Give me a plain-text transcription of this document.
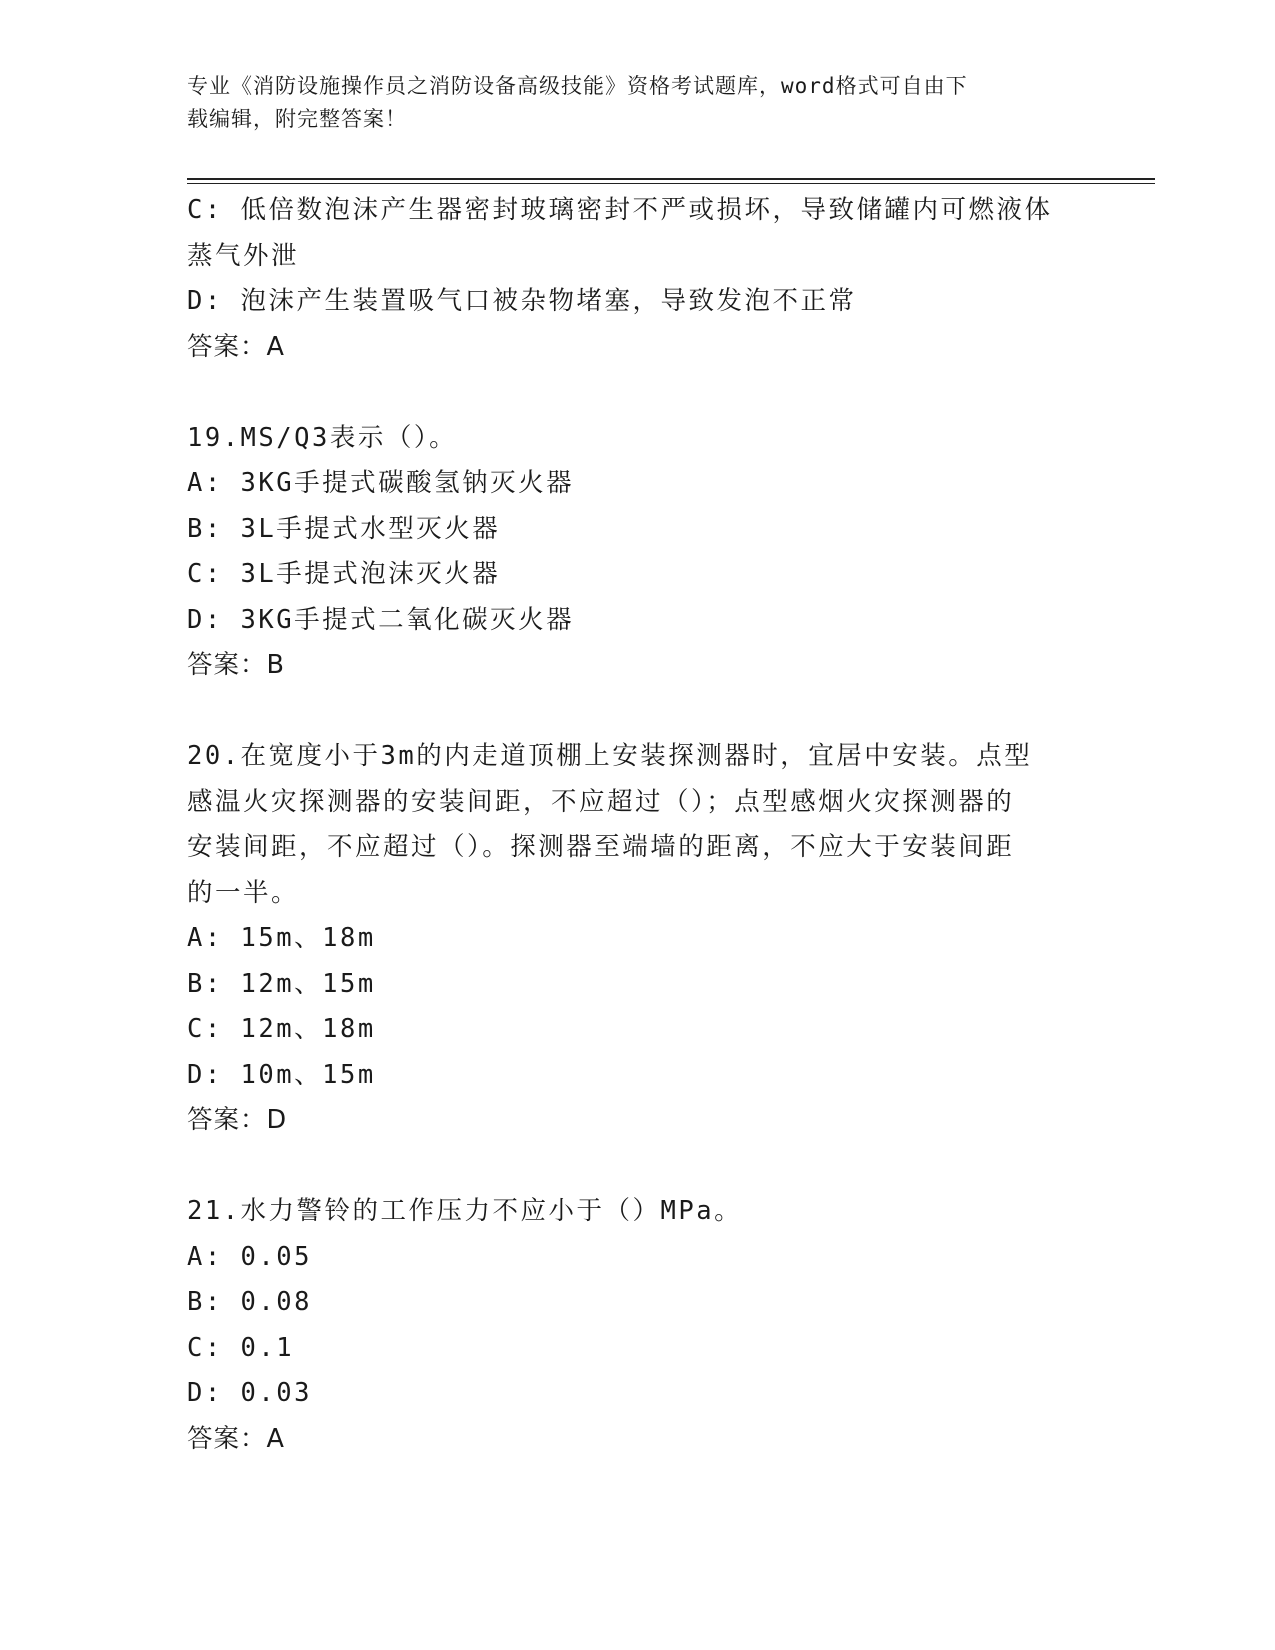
专业《消防设施操作员之消防设备高级技能》资格考试题库，word格式可自由下
载编辑，附完整答案！

C: 低倍数泡沫产生器密封玻璃密封不严或损坏，导致储罐内可燃液体

蒸气外泄

D: 泡沫产生装置吸气口被杂物堵塞，导致发泡不正常

答案：A

19.MS/Q3表示（）。

A: 3KG手提式碳酸氢钠灭火器

B: 3L手提式水型灭火器

C: 3L手提式泡沫灭火器

D: 3KG手提式二氧化碳灭火器

答案：B

20.在宽度小于3m的内走道顶棚上安装探测器时，宜居中安装。点型

感温火灾探测器的安装间距，不应超过（）；点型感烟火灾探测器的

安装间距，不应超过（）。探测器至端墙的距离，不应大于安装间距

的一半。

A: 15m、18m

B: 12m、15m

C: 12m、18m

D: 10m、15m

答案：D

21.水力警铃的工作压力不应小于（）MPa。

A: 0.05

B: 0.08

C: 0.1

D: 0.03

答案：A
